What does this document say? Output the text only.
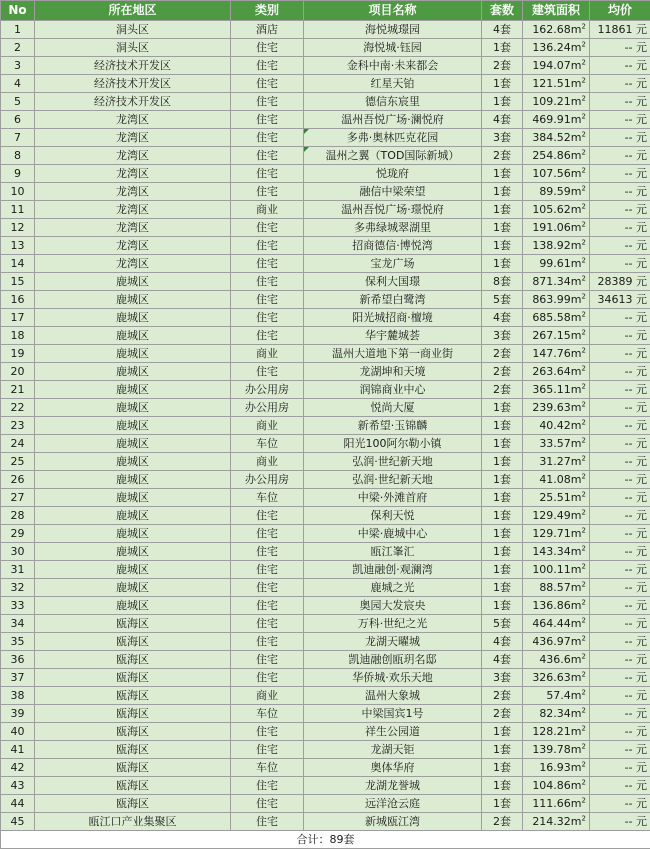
No	所在地区	类别	项目名称	套数	建筑面积	均价
1	洞头区	酒店	海悦城璟园	4套	$162.68m^2$	11861 元
2	洞头区	住宅	海悦城·钰园	1套	$136.24m^2$	-- 元
3	经济技术开发区	住宅	金科中南·未来都会	2套	$194.07m^2$	-- 元
4	经济技术开发区	住宅	红星天铂	1套	$121.51m^2$	-- 元
5	经济技术开发区	住宅	德信东宸里	1套	$109.21m^2$	-- 元
6	龙湾区	住宅	温州吾悦广场·澜悦府	4套	$469.91m^2$	-- 元
7	龙湾区	住宅	多弗·奥林匹克花园	3套	$384.52m^2$	-- 元
8	龙湾区	住宅	温州之翼（TOD国际新城）	2套	$254.86m^2$	-- 元
9	龙湾区	住宅	悦珑府	1套	$107.56m^2$	-- 元
10	龙湾区	住宅	融信中梁荣望	1套	$89.59m^2$	-- 元
11	龙湾区	商业	温州吾悦广场·璟悦府	1套	$105.62m^2$	-- 元
12	龙湾区	住宅	多弗绿城翠湖里	1套	$191.06m^2$	-- 元
13	龙湾区	住宅	招商德信·博悦湾	1套	$138.92m^2$	-- 元
14	龙湾区	住宅	宝龙广场	1套	$99.61m^2$	-- 元
15	鹿城区	住宅	保利大国璟	8套	$871.34m^2$	28389 元
16	鹿城区	住宅	新希望白鹭湾	5套	$863.99m^2$	34613 元
17	鹿城区	住宅	阳光城招商·檀境	4套	$685.58m^2$	-- 元
18	鹿城区	住宅	华宇麓城荟	3套	$267.15m^2$	-- 元
19	鹿城区	商业	温州大道地下第一商业街	2套	$147.76m^2$	-- 元
20	鹿城区	住宅	龙湖坤和天境	2套	$263.64m^2$	-- 元
21	鹿城区	办公用房	润锦商业中心	2套	$365.11m^2$	-- 元
22	鹿城区	办公用房	悦尚大厦	1套	$239.63m^2$	-- 元
23	鹿城区	商业	新希望·玉锦麟	1套	$40.42m^2$	-- 元
24	鹿城区	车位	阳光100阿尔勒小镇	1套	$33.57m^2$	-- 元
25	鹿城区	商业	弘润·世纪新天地	1套	$31.27m^2$	-- 元
26	鹿城区	办公用房	弘润·世纪新天地	1套	$41.08m^2$	-- 元
27	鹿城区	车位	中梁·外滩首府	1套	$25.51m^2$	-- 元
28	鹿城区	住宅	保利天悦	1套	$129.49m^2$	-- 元
29	鹿城区	住宅	中梁·鹿城中心	1套	$129.71m^2$	-- 元
30	鹿城区	住宅	瓯江峯汇	1套	$143.34m^2$	-- 元
31	鹿城区	住宅	凯迪融创·观澜湾	1套	$100.11m^2$	-- 元
32	鹿城区	住宅	鹿城之光	1套	$88.57m^2$	-- 元
33	鹿城区	住宅	奥园大发宸央	1套	$136.86m^2$	-- 元
34	瓯海区	住宅	万科·世纪之光	5套	$464.44m^2$	-- 元
35	瓯海区	住宅	龙湖天曜城	4套	$436.97m^2$	-- 元
36	瓯海区	住宅	凯迪融创瓯玥名邸	4套	$436.6m^2$	-- 元
37	瓯海区	住宅	华侨城·欢乐天地	3套	$326.63m^2$	-- 元
38	瓯海区	商业	温州大象城	2套	$57.4m^2$	-- 元
39	瓯海区	车位	中梁国宾1号	2套	$82.34m^2$	-- 元
40	瓯海区	住宅	祥生公园道	1套	$128.21m^2$	-- 元
41	瓯海区	住宅	龙湖天钜	1套	$139.78m^2$	-- 元
42	瓯海区	车位	奥体华府	1套	$16.93m^2$	-- 元
43	瓯海区	住宅	龙湖龙誉城	1套	$104.86m^2$	-- 元
44	瓯海区	住宅	远洋沧云庭	1套	$111.66m^2$	-- 元
45	瓯江口产业集聚区	住宅	新城瓯江湾	2套	$214.32m^2$	-- 元
合计：89套						
